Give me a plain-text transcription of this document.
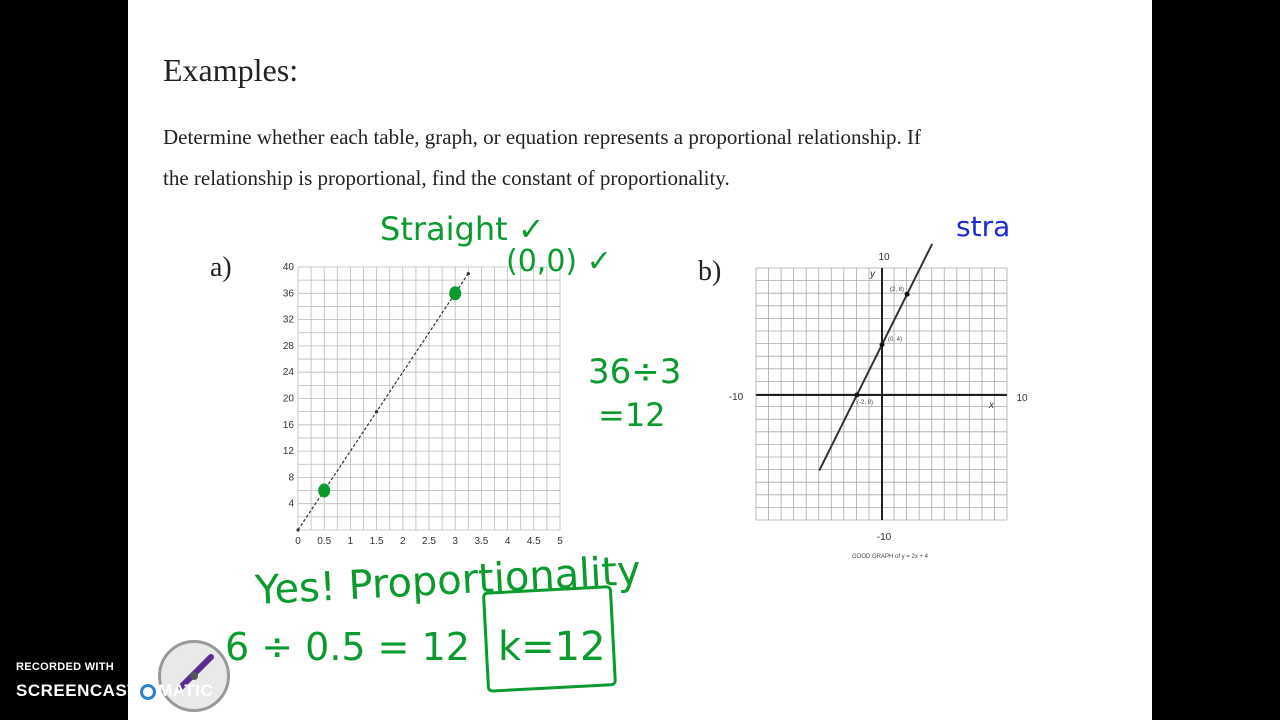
Examples:
Determine whether each table, graph, or equation represents a proportional relationship. If
the relationship is proportional, find the constant of proportionality.
a)	b)
0 0.5 1 1.5 2 2.5 3 3.5 4 4.5 5
4
8
12
16
20
24
28
32
36
40
10
-10
-10	10
y
x
(2, 8)
(0, 4)
(-2, 0)
GOOD GRAPH of y = 2x + 4
Straight ✓
(0,0) ✓
36÷3
=12
Yes! Proportionality
6 ÷ 0.5 = 12 k=12
stra
RECORDED WITH
SCREENCAST MATIC
